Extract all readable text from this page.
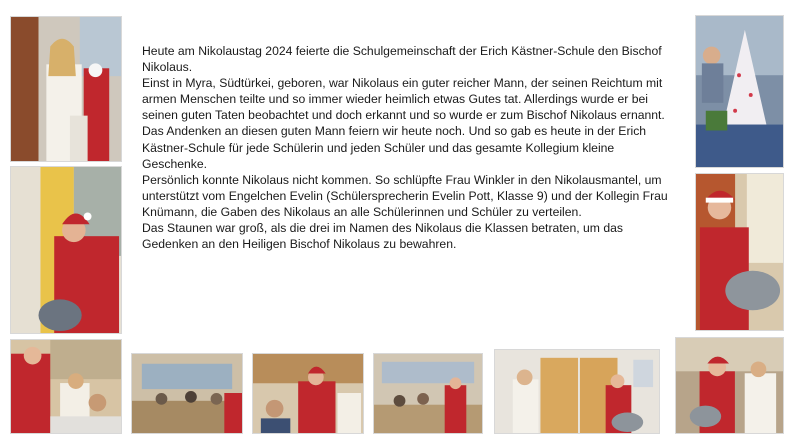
Heute am Nikolaustag 2024 feierte die Schulgemeinschaft der Erich Kästner-Schule den Bischof Nikolaus.

Einst in Myra, Südtürkei, geboren, war Nikolaus ein guter reicher Mann, der seinen Reichtum mit armen Menschen teilte und so immer wieder heimlich etwas Gutes tat. Allerdings wurde er bei seinen guten Taten beobachtet und doch erkannt und so wurde er zum Bischof Nikolaus ernannt.

Das Andenken an diesen guten Mann feiern wir heute noch. Und so gab es heute in der Erich Kästner-Schule für jede Schülerin und jeden Schüler und das gesamte Kollegium kleine Geschenke.

Persönlich konnte Nikolaus nicht kommen. So schlüpfte Frau Winkler in den Nikolausmantel, um unterstützt vom Engelchen Evelin (Schülersprecherin Evelin Pott, Klasse 9) und der Kollegin Frau Knümann, die Gaben des Nikolaus an alle Schülerinnen und Schüler zu verteilen.

Das Staunen war groß, als die drei im Namen des Nikolaus die Klassen betraten, um das Gedenken an den Heiligen Bischof Nikolaus zu bewahren.
